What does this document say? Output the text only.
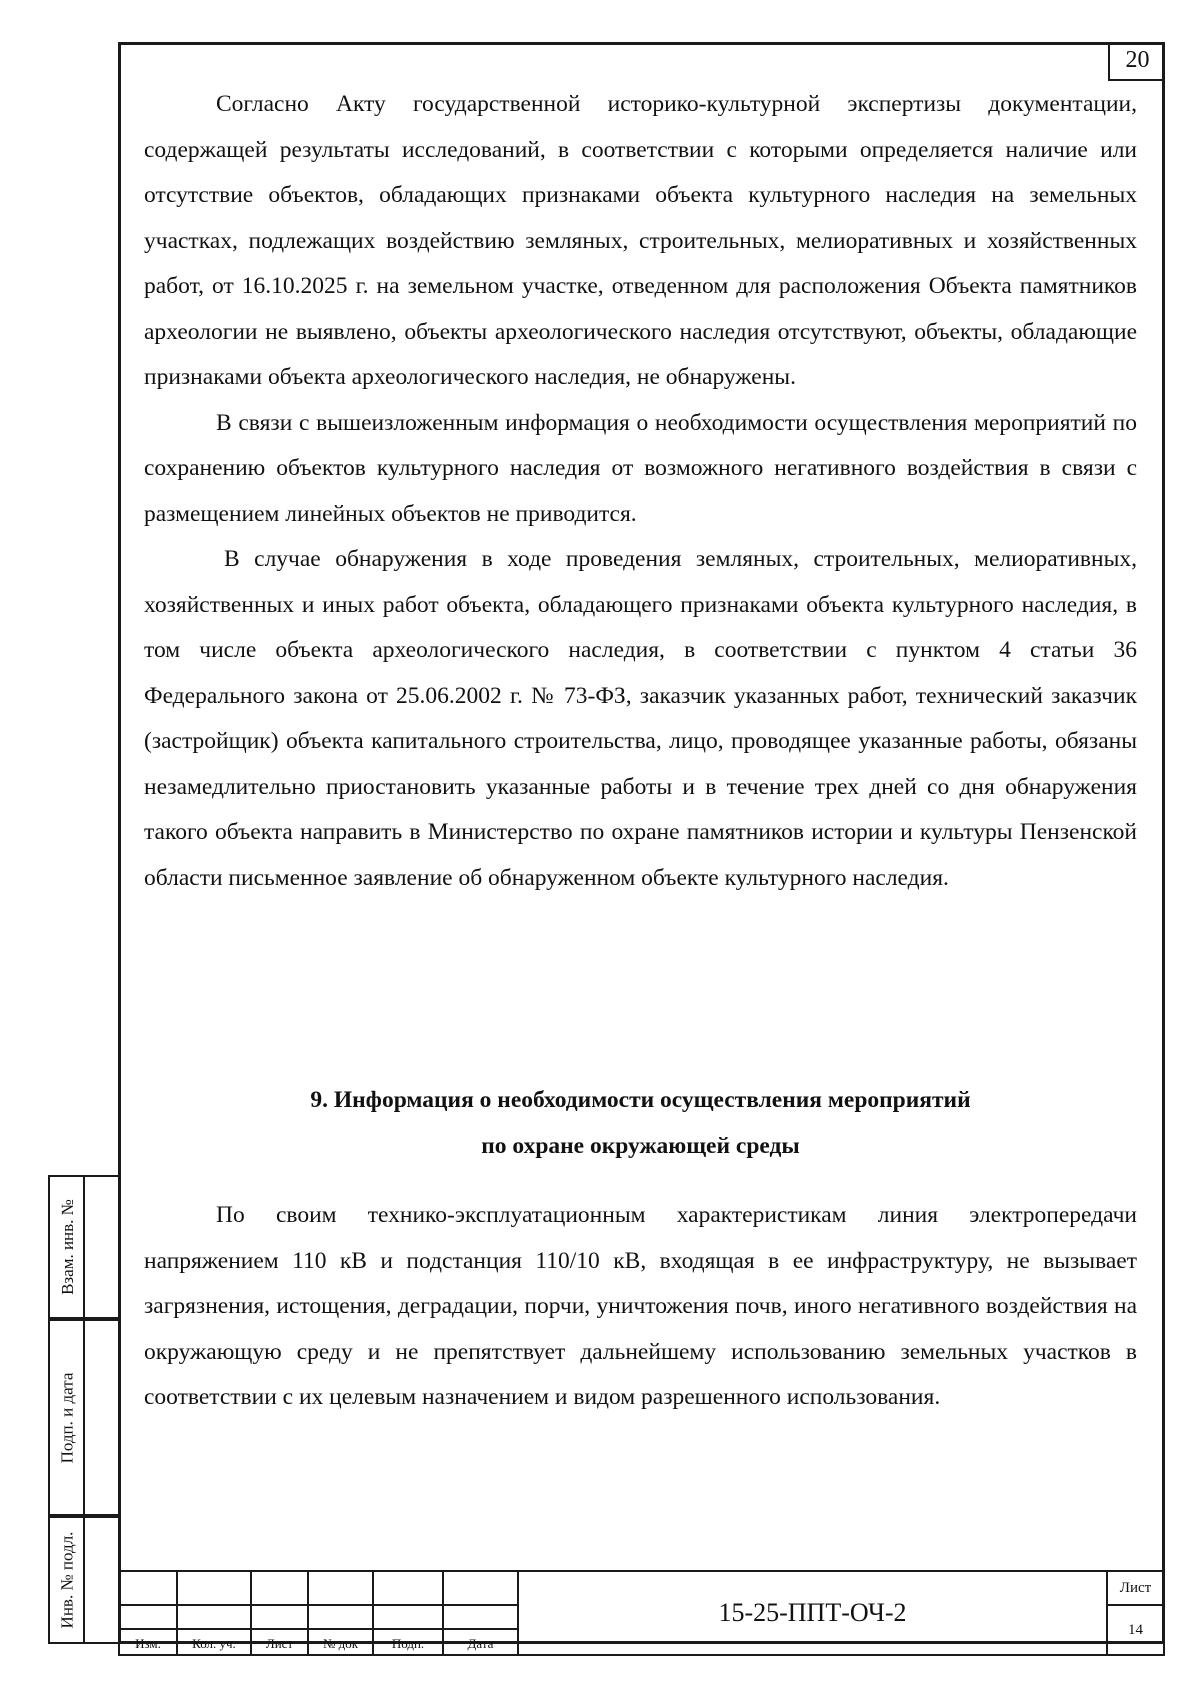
20

Согласно Акту государственной историко-культурной экспертизы документации, содержащей результаты исследований, в соответствии с которыми определяется наличие или отсутствие объектов, обладающих признаками объекта культурного наследия на земельных участках, подлежащих воздействию земляных, строительных, мелиоративных и хозяйственных работ, от 16.10.2025 г. на земельном участке, отведенном для расположения Объекта памятников археологии не выявлено, объекты археологического наследия отсутствуют, объекты, обладающие признаками объекта археологического наследия, не обнаружены.

В связи с вышеизложенным информация о необходимости осуществления мероприятий по сохранению объектов культурного наследия от возможного негативного воздействия в связи с размещением линейных объектов не приводится.

В случае обнаружения в ходе проведения земляных, строительных, мелиоративных, хозяйственных и иных работ объекта, обладающего признаками объекта культурного наследия, в том числе объекта археологического наследия, в соответствии с пунктом 4 статьи 36 Федерального закона от 25.06.2002 г. № 73-ФЗ, заказчик указанных работ, технический заказчик (застройщик) объекта капитального строительства, лицо, проводящее указанные работы, обязаны незамедлительно приостановить указанные работы и в течение трех дней со дня обнаружения такого объекта направить в Министерство по охране памятников истории и культуры Пензенской области письменное заявление об обнаруженном объекте культурного наследия.

9. Информация о необходимости осуществления мероприятий
по охране окружающей среды

По своим технико-эксплуатационным характеристикам линия электропередачи напряжением 110 кВ и подстанция 110/10 кВ, входящая в ее инфраструктуру, не вызывает загрязнения, истощения, деградации, порчи, уничтожения почв, иного негативного воздействия на окружающую среду и не препятствует дальнейшему использованию земельных участков в соответствии с их целевым назначением и видом разрешенного использования.

Взам. инв. №
Подп. и дата
Инв. № подл.
							15-25-ППТ-ОЧ-2	Лист
							14
Изм.	Кол. уч.	Лист	№ док	Подп.	Дата		
